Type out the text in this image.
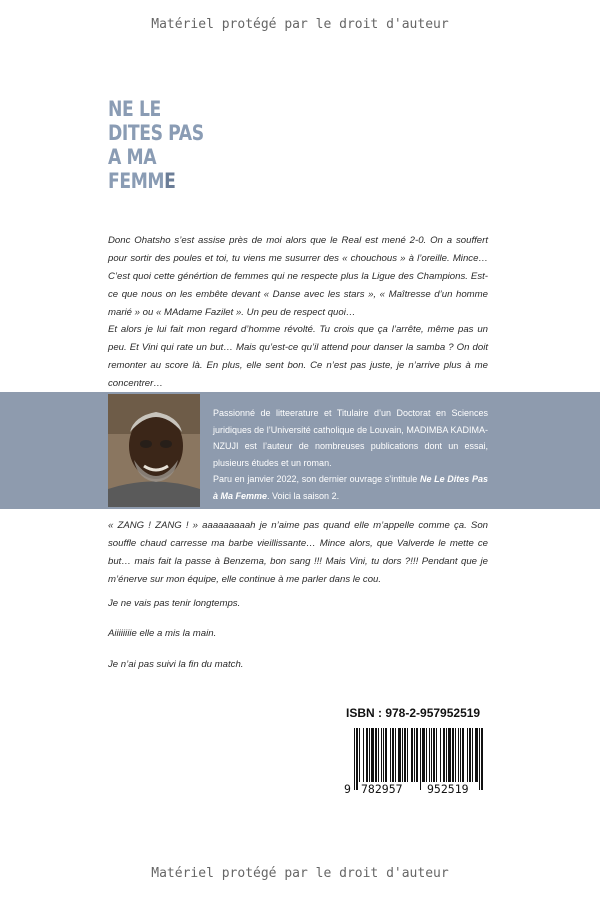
Matériel protégé par le droit d'auteur
NE LE
DITES PAS
A MA
FEMME

Donc Ohatsho s’est assise près de moi alors que le Real est mené 2-0. On a souffert pour sortir des poules et toi, tu viens me susurrer des « chouchous » à l’oreille. Mince… C’est quoi cette génértion de femmes qui ne respecte plus la Ligue des Champions. Est-ce que nous on les embête devant « Danse avec les stars », « Maîtresse d’un homme marié » ou « MAdame Fazilet ». Un peu de respect quoi…

Et alors je lui fait mon regard d’homme révolté. Tu crois que ça l’arrête, même pas un peu. Et Vini qui rate un but… Mais qu’est-ce qu’il attend pour danser la samba ? On doit remonter au score là. En plus, elle sent bon. Ce n’est pas juste, je n’arrive plus à me concentrer…

Passionné de litteerature et Titulaire d’un Doctorat en Sciences juridiques de l’Université catholique de Louvain, MADIMBA KADIMA-NZUJI est l’auteur de nombreuses publications dont un essai, plusieurs études et un roman.
Paru en janvier 2022, son dernier ouvrage s’intitule Ne Le Dites Pas à Ma Femme. Voici la saison 2.

« ZANG ! ZANG ! » aaaaaaaaah je n’aime pas quand elle m’appelle comme ça. Son souffle chaud carresse ma barbe vieillissante… Mince alors, que Valverde le mette ce but… mais fait la passe à Benzema, bon sang !!! Mais Vini, tu dors ?!!! Pendant que je m’énerve sur mon équipe, elle continue à me parler dans le cou.

Je ne vais pas tenir longtemps.
Aiiiiiiiie elle a mis la main.
Je n’ai pas suivi la fin du match.
ISBN : 978-2-957952519
9 782957 952519
Matériel protégé par le droit d'auteur
